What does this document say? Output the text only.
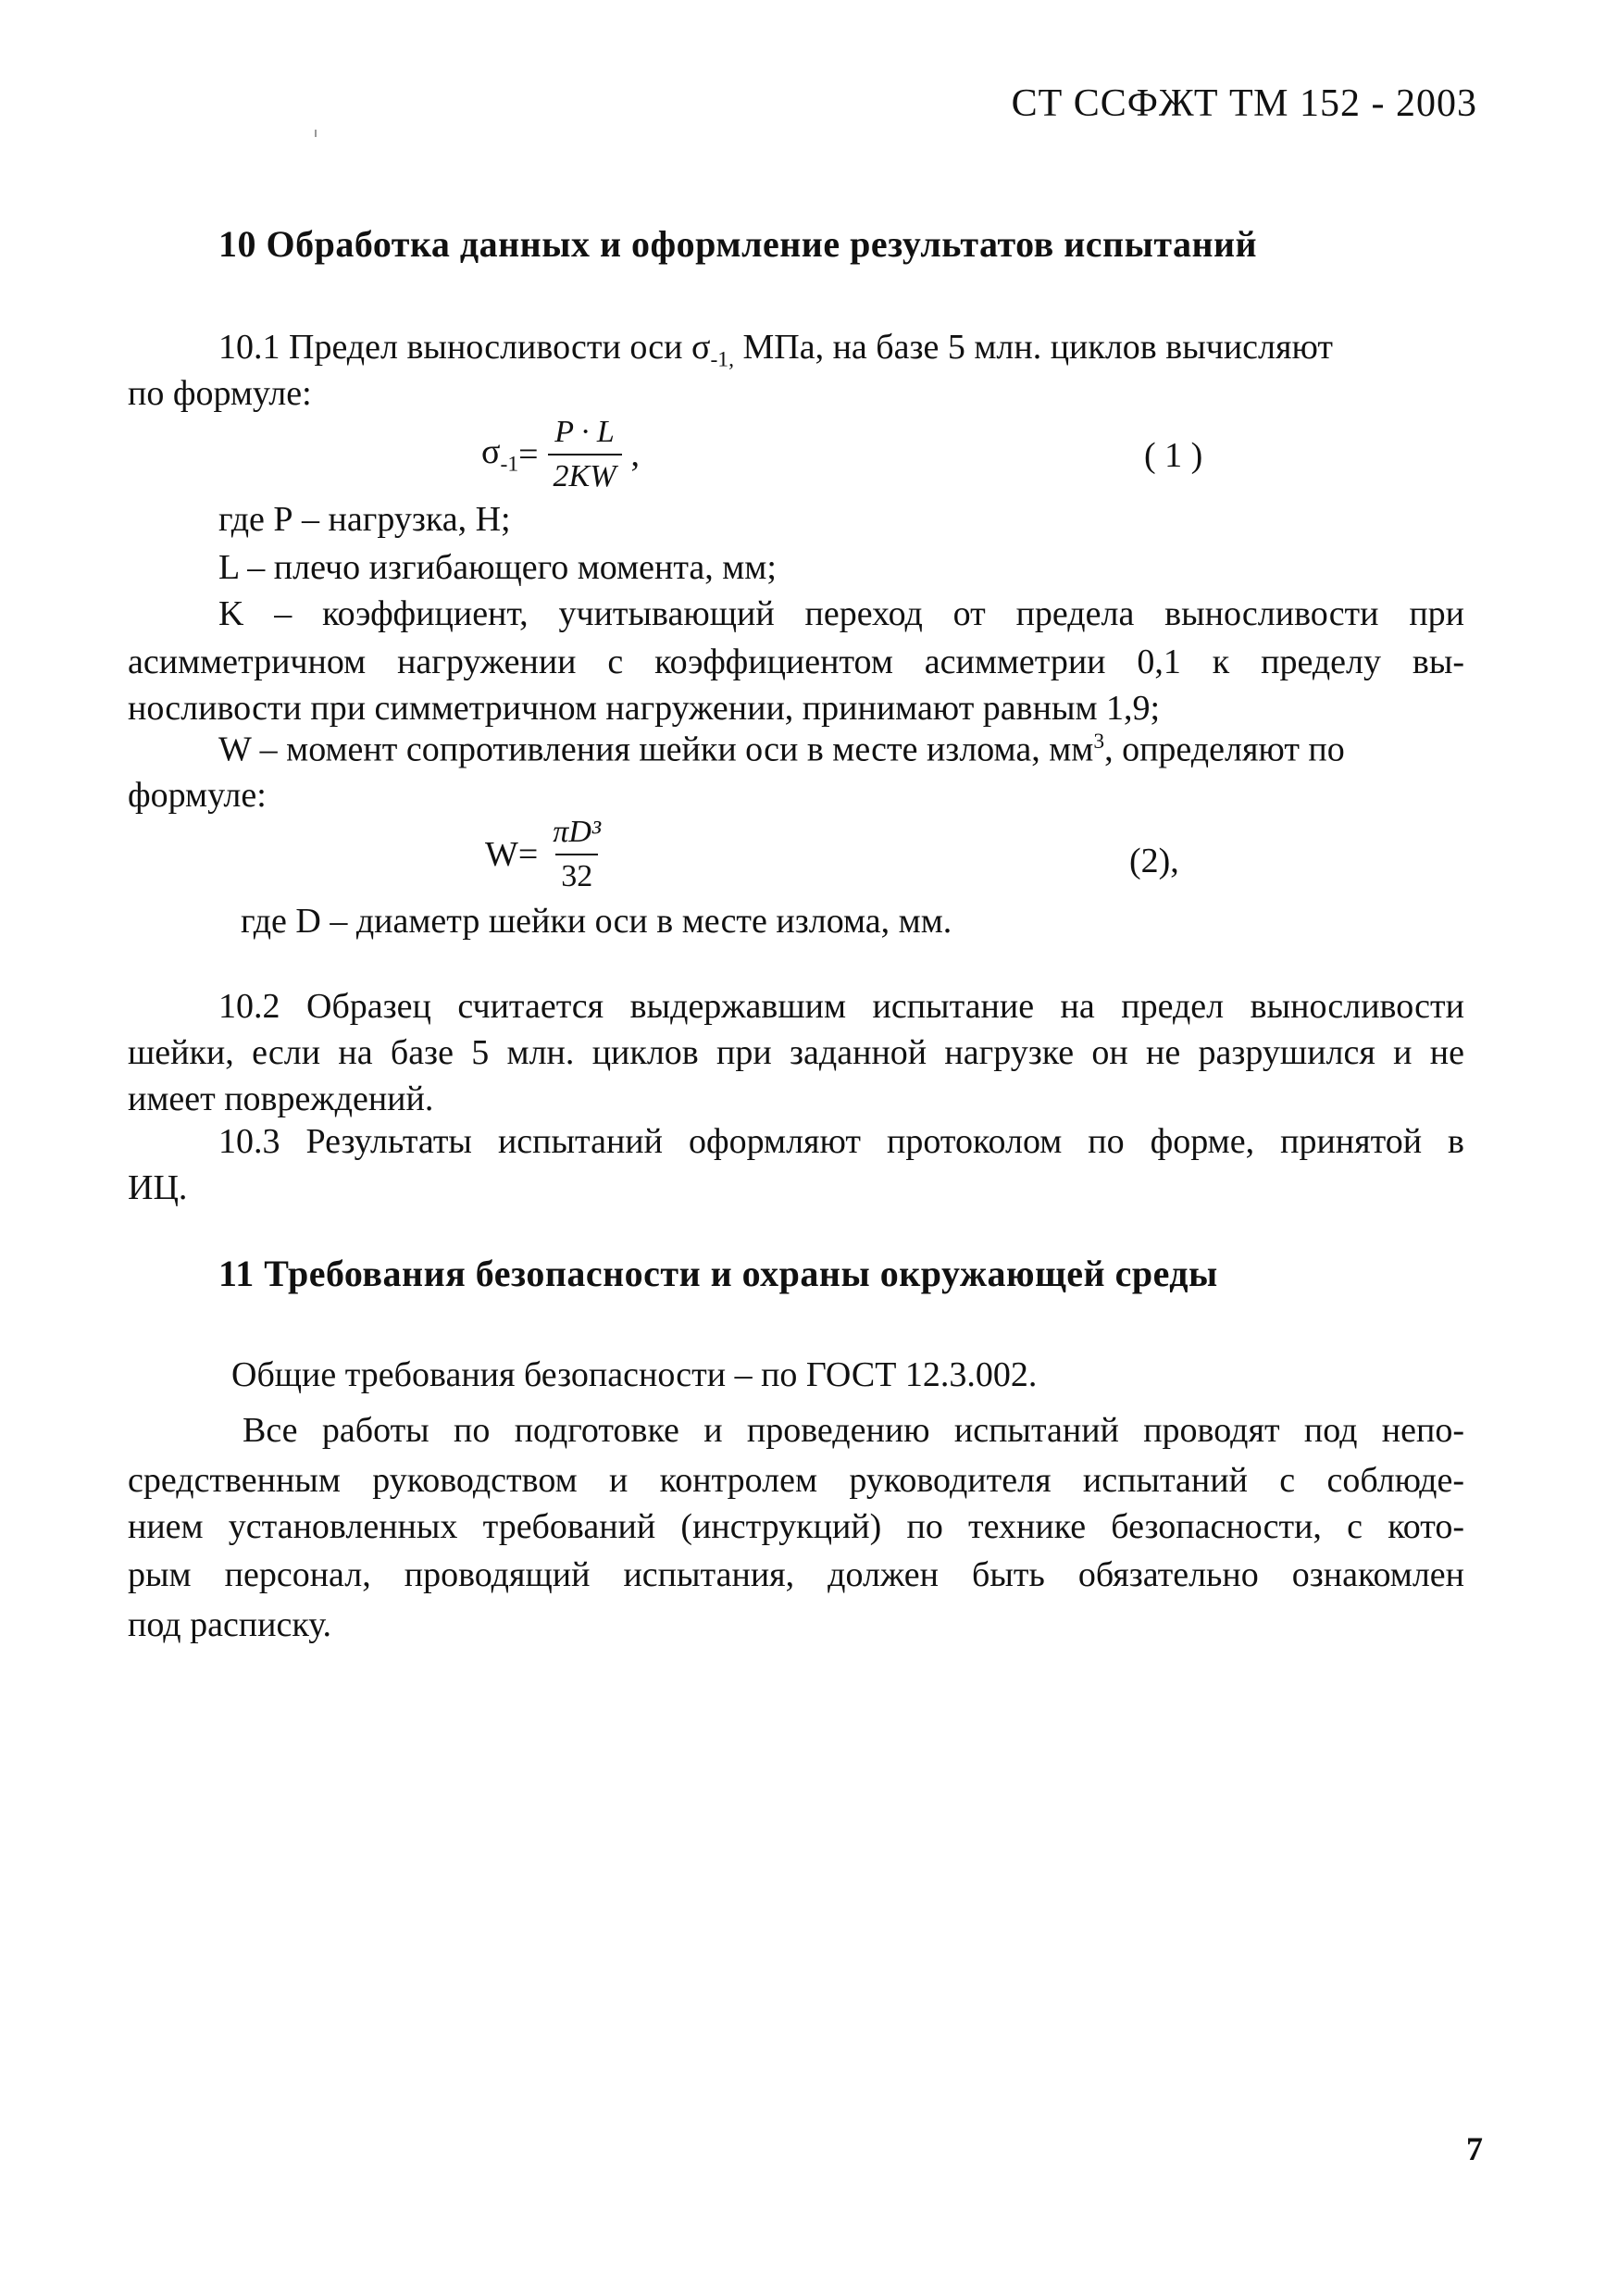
СТ ССФЖТ ТМ 152 - 2003
10 Обработка данных и оформление результатов испытаний
10.1 Предел выносливости оси $\sigma_{-1,}$ МПа, на базе 5 млн. циклов вычисляют
по формуле:
$\sigma_{-1} = \frac{P \cdot L}{2KW}$ ,	( 1 )
где Р – нагрузка, Н;
L – плечо изгибающего момента, мм;
K – коэффициент, учитывающий переход от предела выносливости при
асимметричном нагружении с коэффициентом асимметрии 0,1 к пределу вы-
носливости при симметричном нагружении, принимают равным 1,9;
W – момент сопротивления шейки оси в месте излома, $мм^3$, определяют по
формуле:
$W= \frac{\text{πD³}}{32}$	(2),
где D – диаметр шейки оси в месте излома, мм.
10.2 Образец считается выдержавшим испытание на предел выносливости
шейки, если на базе 5 млн. циклов при заданной нагрузке он не разрушился и не
имеет повреждений.
10.3 Результаты испытаний оформляют протоколом по форме, принятой в
ИЦ.
11 Требования безопасности и охраны окружающей среды
Общие требования безопасности – по ГОСТ 12.3.002.
Все работы по подготовке и проведению испытаний проводят под непо-
средственным руководством и контролем руководителя испытаний с соблюде-
нием установленных требований (инструкций) по технике безопасности, с кото-
рым персонал, проводящий испытания, должен быть обязательно ознакомлен
под расписку.
7
